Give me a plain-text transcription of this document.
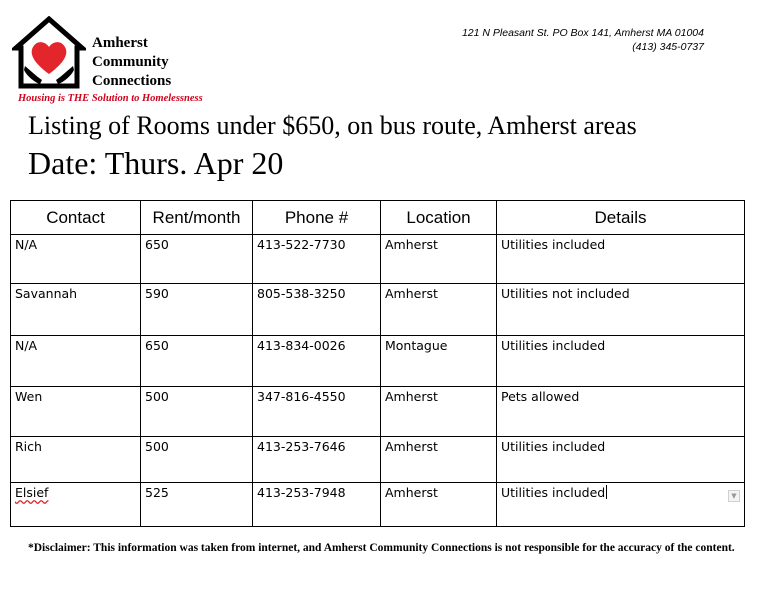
Amherst
Community
Connections
Housing is THE Solution to Homelessness
121 N Pleasant St. PO Box 141, Amherst MA 01004
(413) 345-0737
Listing of Rooms under $650, on bus route, Amherst areas
Date: Thurs. Apr 20
Contact	Rent/month	Phone #	Location	Details
N/A	650	413-522-7730	Amherst	Utilities included
Savannah	590	805-538-3250	Amherst	Utilities not included
N/A	650	413-834-0026	Montague	Utilities included
Wen	500	347-816-4550	Amherst	Pets allowed
Rich	500	413-253-7646	Amherst	Utilities included
Elsief	525	413-253-7948	Amherst	Utilities included ▼
*Disclaimer: This information was taken from internet, and Amherst Community Connections is not responsible for the accuracy of the content.
